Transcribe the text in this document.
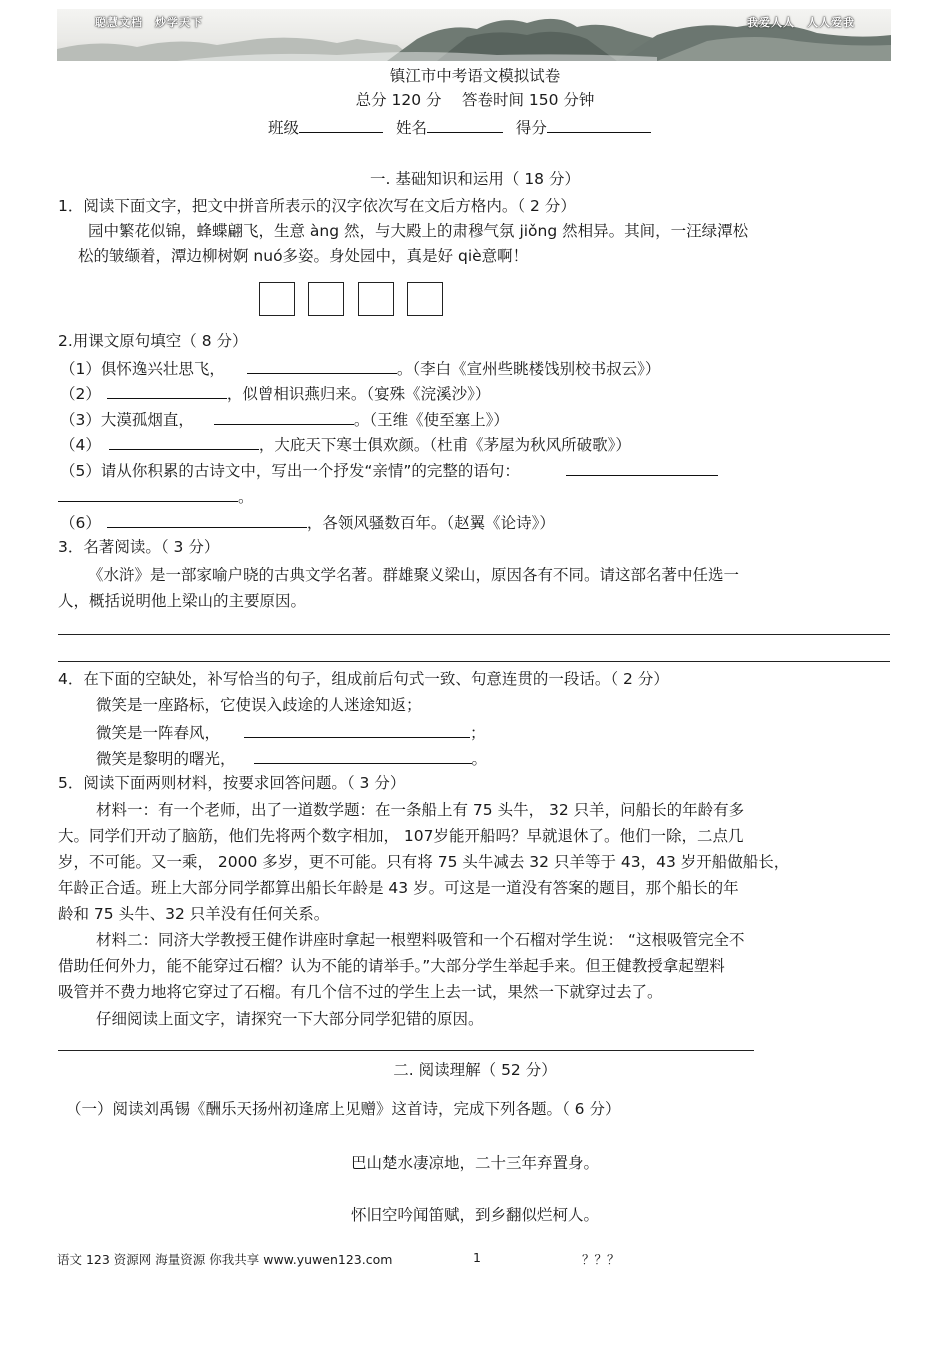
聪慧文档　炒学天下	我爱人人　人人爱我
镇江市中考语文模拟试卷
总分 120 分　 答卷时间 150 分钟
班级	姓名	得分
一. 基础知识和运用（ 18 分）
1．阅读下面文字，把文中拼音所表示的汉字依次写在文后方格内。（ 2 分）
园中繁花似锦，蜂蝶翩飞，生意 àng 然，与大殿上的肃穆气氛 jiǒng 然相异。其间，一汪绿潭松
松的皱缬着，潭边柳树婀 nuó多姿。身处园中，真是好 qiè意啊！
2.用课文原句填空（ 8 分）
（1）俱怀逸兴壮思飞，	。（李白《宣州些眺楼饯别校书叔云》）
（2）	，似曾相识燕归来。（宴殊《浣溪沙》）
（3）大漠孤烟直，	。（王维《使至塞上》）
（4）	，大庇天下寒士俱欢颜。（杜甫《茅屋为秋风所破歌》）
（5）请从你积累的古诗文中，写出一个抒发“亲情”的完整的语句：
。
（6）	，各领风骚数百年。（赵翼《论诗》）
3．名著阅读。（ 3 分）
《水浒》是一部家喻户晓的古典文学名著。群雄聚义梁山，原因各有不同。请这部名著中任选一
人，概括说明他上梁山的主要原因。
4．在下面的空缺处，补写恰当的句子，组成前后句式一致、句意连贯的一段话。（ 2 分）
微笑是一座路标，它使误入歧途的人迷途知返；
微笑是一阵春风，	；
微笑是黎明的曙光，	。
5．阅读下面两则材料，按要求回答问题。（ 3 分）
材料一：有一个老师，出了一道数学题：在一条船上有 75 头牛， 32 只羊，问船长的年龄有多
大。同学们开动了脑筋，他们先将两个数字相加， 107岁能开船吗？早就退休了。他们一除，二点几
岁，不可能。又一乘， 2000 多岁，更不可能。只有将 75 头牛减去 32 只羊等于 43，43 岁开船做船长，
年龄正合适。班上大部分同学都算出船长年龄是 43 岁。可这是一道没有答案的题目，那个船长的年
龄和 75 头牛、32 只羊没有任何关系。
材料二：同济大学教授王健作讲座时拿起一根塑料吸管和一个石榴对学生说： “这根吸管完全不
借助任何外力，能不能穿过石榴？认为不能的请举手。”大部分学生举起手来。但王健教授拿起塑料
吸管并不费力地将它穿过了石榴。有几个信不过的学生上去一试，果然一下就穿过去了。
仔细阅读上面文字，请探究一下大部分同学犯错的原因。
二. 阅读理解（ 52 分）
（一）阅读刘禹锡《酬乐天扬州初逢席上见赠》这首诗，完成下列各题。（ 6 分）
巴山楚水凄凉地，二十三年弃置身。
怀旧空吟闻笛赋，到乡翻似烂柯人。
语文 123 资源网 海量资源 你我共享 www.yuwen123.com	1	？？？
